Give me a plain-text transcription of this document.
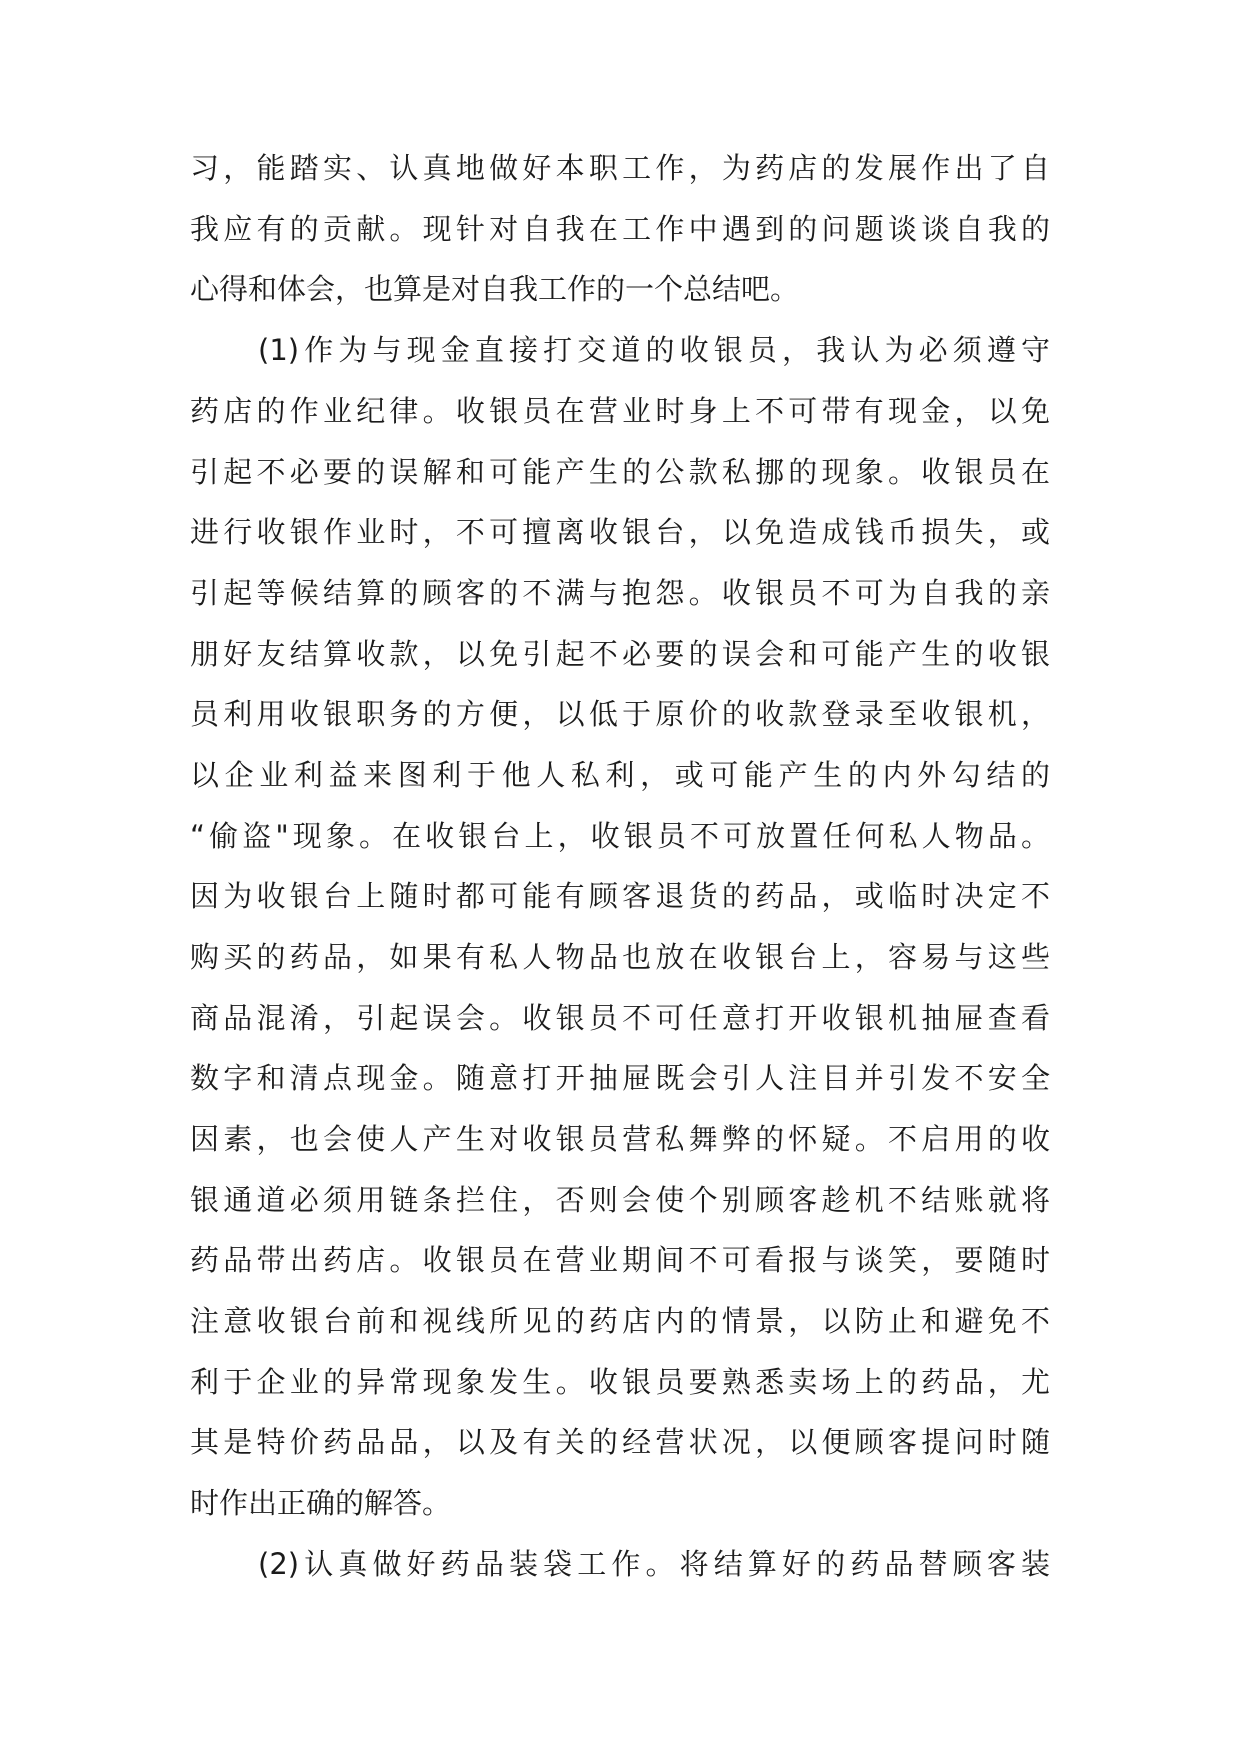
习，能踏实、认真地做好本职工作，为药店的发展作出了自
我应有的贡献。现针对自我在工作中遇到的问题谈谈自我的
心得和体会，也算是对自我工作的一个总结吧。
(1)作为与现金直接打交道的收银员，我认为必须遵守
药店的作业纪律。收银员在营业时身上不可带有现金，以免
引起不必要的误解和可能产生的公款私挪的现象。收银员在
进行收银作业时，不可擅离收银台，以免造成钱币损失，或
引起等候结算的顾客的不满与抱怨。收银员不可为自我的亲
朋好友结算收款，以免引起不必要的误会和可能产生的收银
员利用收银职务的方便，以低于原价的收款登录至收银机，
以企业利益来图利于他人私利，或可能产生的内外勾结的
“偷盗"现象。在收银台上，收银员不可放置任何私人物品。
因为收银台上随时都可能有顾客退货的药品，或临时决定不
购买的药品，如果有私人物品也放在收银台上，容易与这些
商品混淆，引起误会。收银员不可任意打开收银机抽屉查看
数字和清点现金。随意打开抽屉既会引人注目并引发不安全
因素，也会使人产生对收银员营私舞弊的怀疑。不启用的收
银通道必须用链条拦住，否则会使个别顾客趁机不结账就将
药品带出药店。收银员在营业期间不可看报与谈笑，要随时
注意收银台前和视线所见的药店内的情景，以防止和避免不
利于企业的异常现象发生。收银员要熟悉卖场上的药品，尤
其是特价药品品，以及有关的经营状况，以便顾客提问时随
时作出正确的解答。
(2)认真做好药品装袋工作。将结算好的药品替顾客装
